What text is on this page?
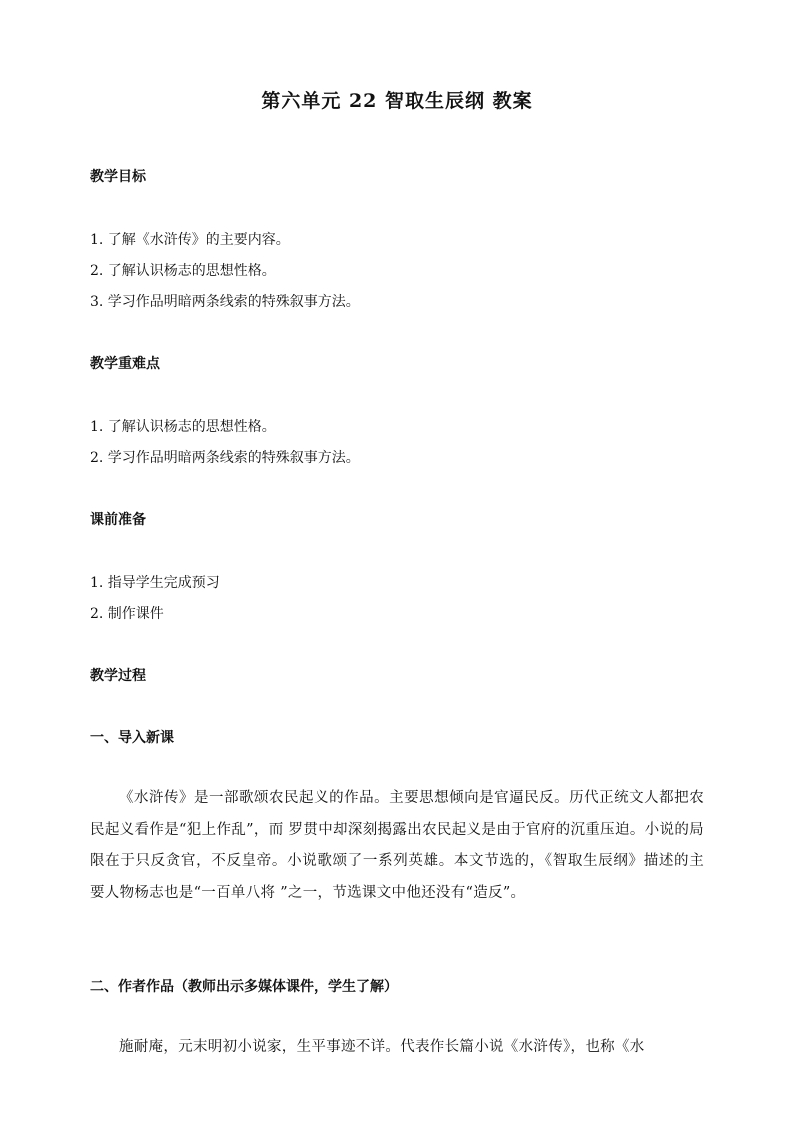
第六单元 22 智取生辰纲 教案
教学目标

1. 了解《水浒传》的主要内容。

2. 了解认识杨志的思想性格。

3. 学习作品明暗两条线索的特殊叙事方法。

教学重难点

1. 了解认识杨志的思想性格。

2. 学习作品明暗两条线索的特殊叙事方法。

课前准备

1. 指导学生完成预习

2. 制作课件

教学过程
一、导入新课

《水浒传》是一部歌颂农民起义的作品。主要思想倾向是官逼民反。历代正统文人都把农民起义看作是“犯上作乱”，而 罗贯中却深刻揭露出农民起义是由于官府的沉重压迫。小说的局限在于只反贪官，不反皇帝。小说歌颂了一系列英雄。本文节选的，《智取生辰纲》描述的主要人物杨志也是“一百单八将 ”之一，节选课文中他还没有“造反”。

二、作者作品（教师出示多媒体课件，学生了解）

施耐庵，元末明初小说家，生平事迹不详。代表作长篇小说《水浒传》，也称《水
